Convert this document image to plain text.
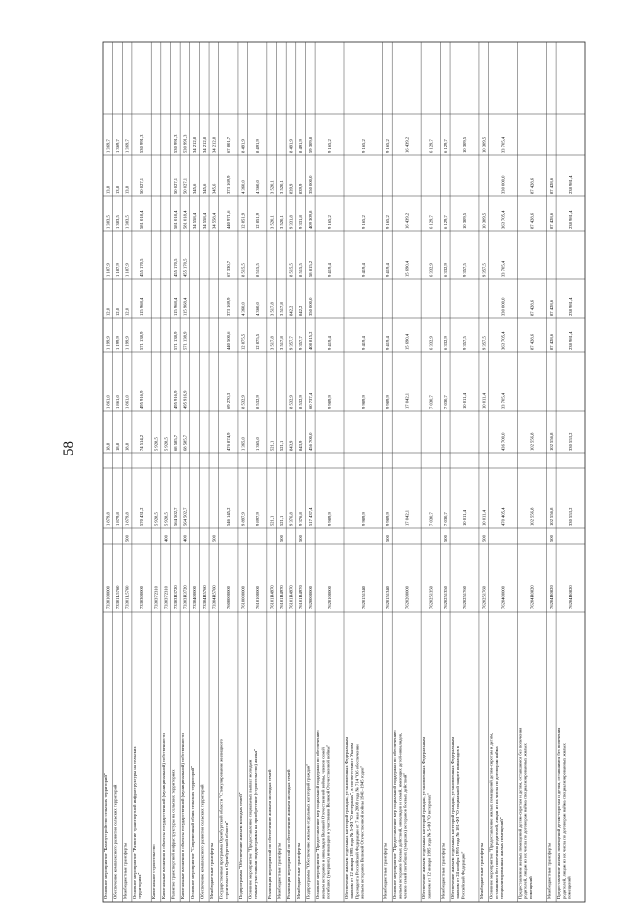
58
Основное мероприятие "Благоустройство сельских территорий"
7330100000
1 879,8
18,8
1 861,0
1 199,9
12,0
1 187,9
1 383,5
13,8
1 369,7
Обеспечение комплексного развития сельских территорий
73301L5760
1 879,8
18,8
1 861,0
1 199,9
12,0
1 187,9
1 383,5
13,8
1 369,7
Межбюджетные трансферты
73301L5760
500
1 879,8
18,8
1 861,0
1 199,9
12,0
1 187,9
1 383,5
13,8
1 369,7
Основное мероприятие "Развитие транспортной инфраструктуры на сельских территориях"
7330300000
570 431,2
74 514,2
495 916,9
571 138,9
115 968,4
455 170,5
581 018,4
50 027,1
530 991,3
Капитальное строительство
7330372310
5 928,5
5 928,5
Капитальные вложения в объекты государственной (муниципальной) собственности
7330372310
400
5 928,5
5 928,5
Развитие транспортной инфраструктуры на сельских территориях
73303R3720
564 502,7
68 585,7
495 916,9
571 138,9
115 968,4
455 170,5
581 018,4
50 027,1
530 991,3
Капитальные вложения в объекты государственной (муниципальной) собственности
73303R3720
400
564 502,7
68 585,7
495 916,9
571 138,9
115 968,4
455 170,5
581 018,4
50 027,1
530 991,3
Основное мероприятие "Современный облик сельских территорий"
7330400000
34 558,4
345,6
34 212,8
Обеспечение комплексного развития сельских территорий
73304R5760
34 558,4
345,6
34 212,8
Межбюджетные трансферты
73304R5760
500
34 558,4
345,6
34 212,8
Государственная программа Оренбургской области "Стимулирование жилищного строительства в Оренбургской области"
7600000000
546 145,2
476 874,9
69 270,3
440 500,6
373 169,9
67 330,7
440 971,6
373 169,9
67 801,7
Подпрограмма "Обеспечение жильем молодых семей"
7610000000
9 897,9
1 365,0
8 532,9
12 875,5
4 360,0
8 515,5
12 851,9
4 360,0
8 491,9
Основное мероприятие "Предоставление социальных выплат молодым семьям-участникам подпрограммы на приобретение (строительство) жилья"
7610100000
9 897,9
1 365,0
8 532,9
12 875,5
4 360,0
8 515,5
12 851,9
4 360,0
8 491,9
Реализация мероприятий по обеспечению жильем молодых семей
76101R4970
521,1
521,1
3 517,8
3 517,8
3 520,1
3 520,1
Межбюджетные трансферты
76101R4970
500
521,1
521,1
3 517,8
3 517,8
3 520,1
3 520,1
Реализация мероприятий по обеспечению жильем молодых семей
76101R4970
9 376,8
843,9
8 532,9
9 357,7
842,2
8 515,5
9 331,8
839,9
8 491,9
Межбюджетные трансферты
76101R4970
500
9 376,8
843,9
8 532,9
9 357,7
842,2
8 515,5
9 331,8
839,9
8 491,9
Подпрограмма "Обеспечение жильем отдельных категорий граждан"
7620000000
517 437,4
456 700,0
60 737,4
408 815,2
350 000,0
58 815,2
409 309,8
350 000,0
59 309,8
Основное мероприятие "Предоставление мер социальной поддержки по обеспечению жильем ветеранов и инвалидов Великой Отечественной войны, членов семей погибших (умерших) инвалидов и участников Великой Отечественной войны"
7620100000
9 989,9
9 989,9
9 419,4
9 419,4
9 165,2
9 165,2
Обеспечение жильем отдельных категорий граждан, установленных Федеральным законом от 12 января 1995 года № 5-ФЗ "О ветеранах", в соответствии с Указом Президента Российской Федерации от 7 мая 2008 года № 714 "Об обеспечении жильем ветеранов Великой Отечественной войны 1941–1945 годов"
7620151340
9 989,9
9 989,9
9 419,4
9 419,4
9 165,2
9 165,2
Межбюджетные трансферты
7620151340
500
9 989,9
9 989,9
9 419,4
9 419,4
9 165,2
9 165,2
Основное мероприятие "Предоставление мер социальной поддержки по обеспечению жильем ветеранов боевых действий, инвалидов и семей, имеющих детей-инвалидов, членов семей погибших (умерших) ветеранов боевых действий"
7620200000
17 042,1
17 042,1
15 690,4
15 690,4
16 439,2
16 439,2
Обеспечение жильем отдельных категорий граждан, установленных Федеральным законом от 12 января 1995 года № 5-ФЗ "О ветеранах"
7620251350
7 030,7
7 030,7
6 332,9
6 332,9
6 129,7
6 129,7
Межбюджетные трансферты
7620251350
500
7 030,7
7 030,7
6 332,9
6 332,9
6 129,7
6 129,7
Обеспечение жильем отдельных категорий граждан, установленных Федеральным законом от 24 ноября 1995 года № 181-ФЗ "О социальной защите инвалидов в Российской Федерации"
7620251760
10 011,4
10 011,4
9 357,5
9 357,5
10 309,5
10 309,5
Межбюджетные трансферты
7620251760
500
10 011,4
10 011,4
9 357,5
9 357,5
10 309,5
10 309,5
Основное мероприятие "Предоставление жилых помещений детям-сиротам и детям, оставшимся без попечения родителей, лицам из их числа по договорам найма специализированных жилых помещений"
7620400000
470 405,4
436 700,0
33 705,4
363 705,4
330 000,0
33 705,4
363 705,4
330 000,0
33 705,4
Предоставление жилых помещений детям-сиротам и детям, оставшимся без попечения родителей, лицам из их числа по договорам найма специализированных жилых помещений
76204R0820
102 556,8
102 556,8
87 428,6
87 428,6
87 428,6
87 428,6
Межбюджетные трансферты
76204R0820
500
102 556,8
102 556,8
87 428,6
87 428,6
87 428,6
87 428,6
Предоставление жилых помещений детям-сиротам и детям, оставшимся без попечения родителей, лицам из их числа по договорам найма специализированных жилых помещений
76204R0820
330 553,2
330 553,2
238 981,4
238 981,4
238 981,4
238 981,4
